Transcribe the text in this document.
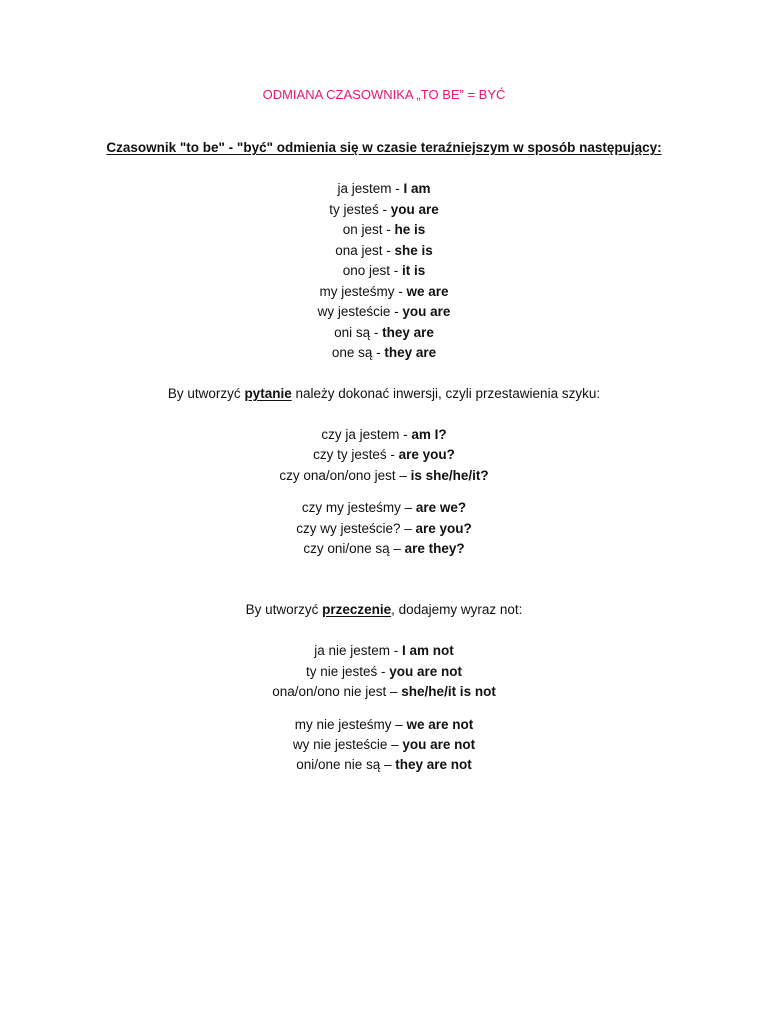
ODMIANA CZASOWNIKA „TO BE” = BYĆ
Czasownik "to be" - "być" odmienia się w czasie teraźniejszym w sposób następujący:
ja jestem - I am
ty jesteś - you are
on jest - he is
ona jest - she is
ono jest - it is
my jesteśmy - we are
wy jesteście - you are
oni są - they are
one są - they are
By utworzyć pytanie należy dokonać inwersji, czyli przestawienia szyku:
czy ja jestem - am I?
czy ty jesteś - are you?
czy ona/on/ono jest – is she/he/it?
czy my jesteśmy – are we?
czy wy jesteście? – are you?
czy oni/one są – are they?
By utworzyć przeczenie, dodajemy wyraz not:
ja nie jestem - I am not
ty nie jesteś - you are not
ona/on/ono nie jest – she/he/it is not
my nie jesteśmy – we are not
wy nie jesteście – you are not
oni/one nie są – they are not
